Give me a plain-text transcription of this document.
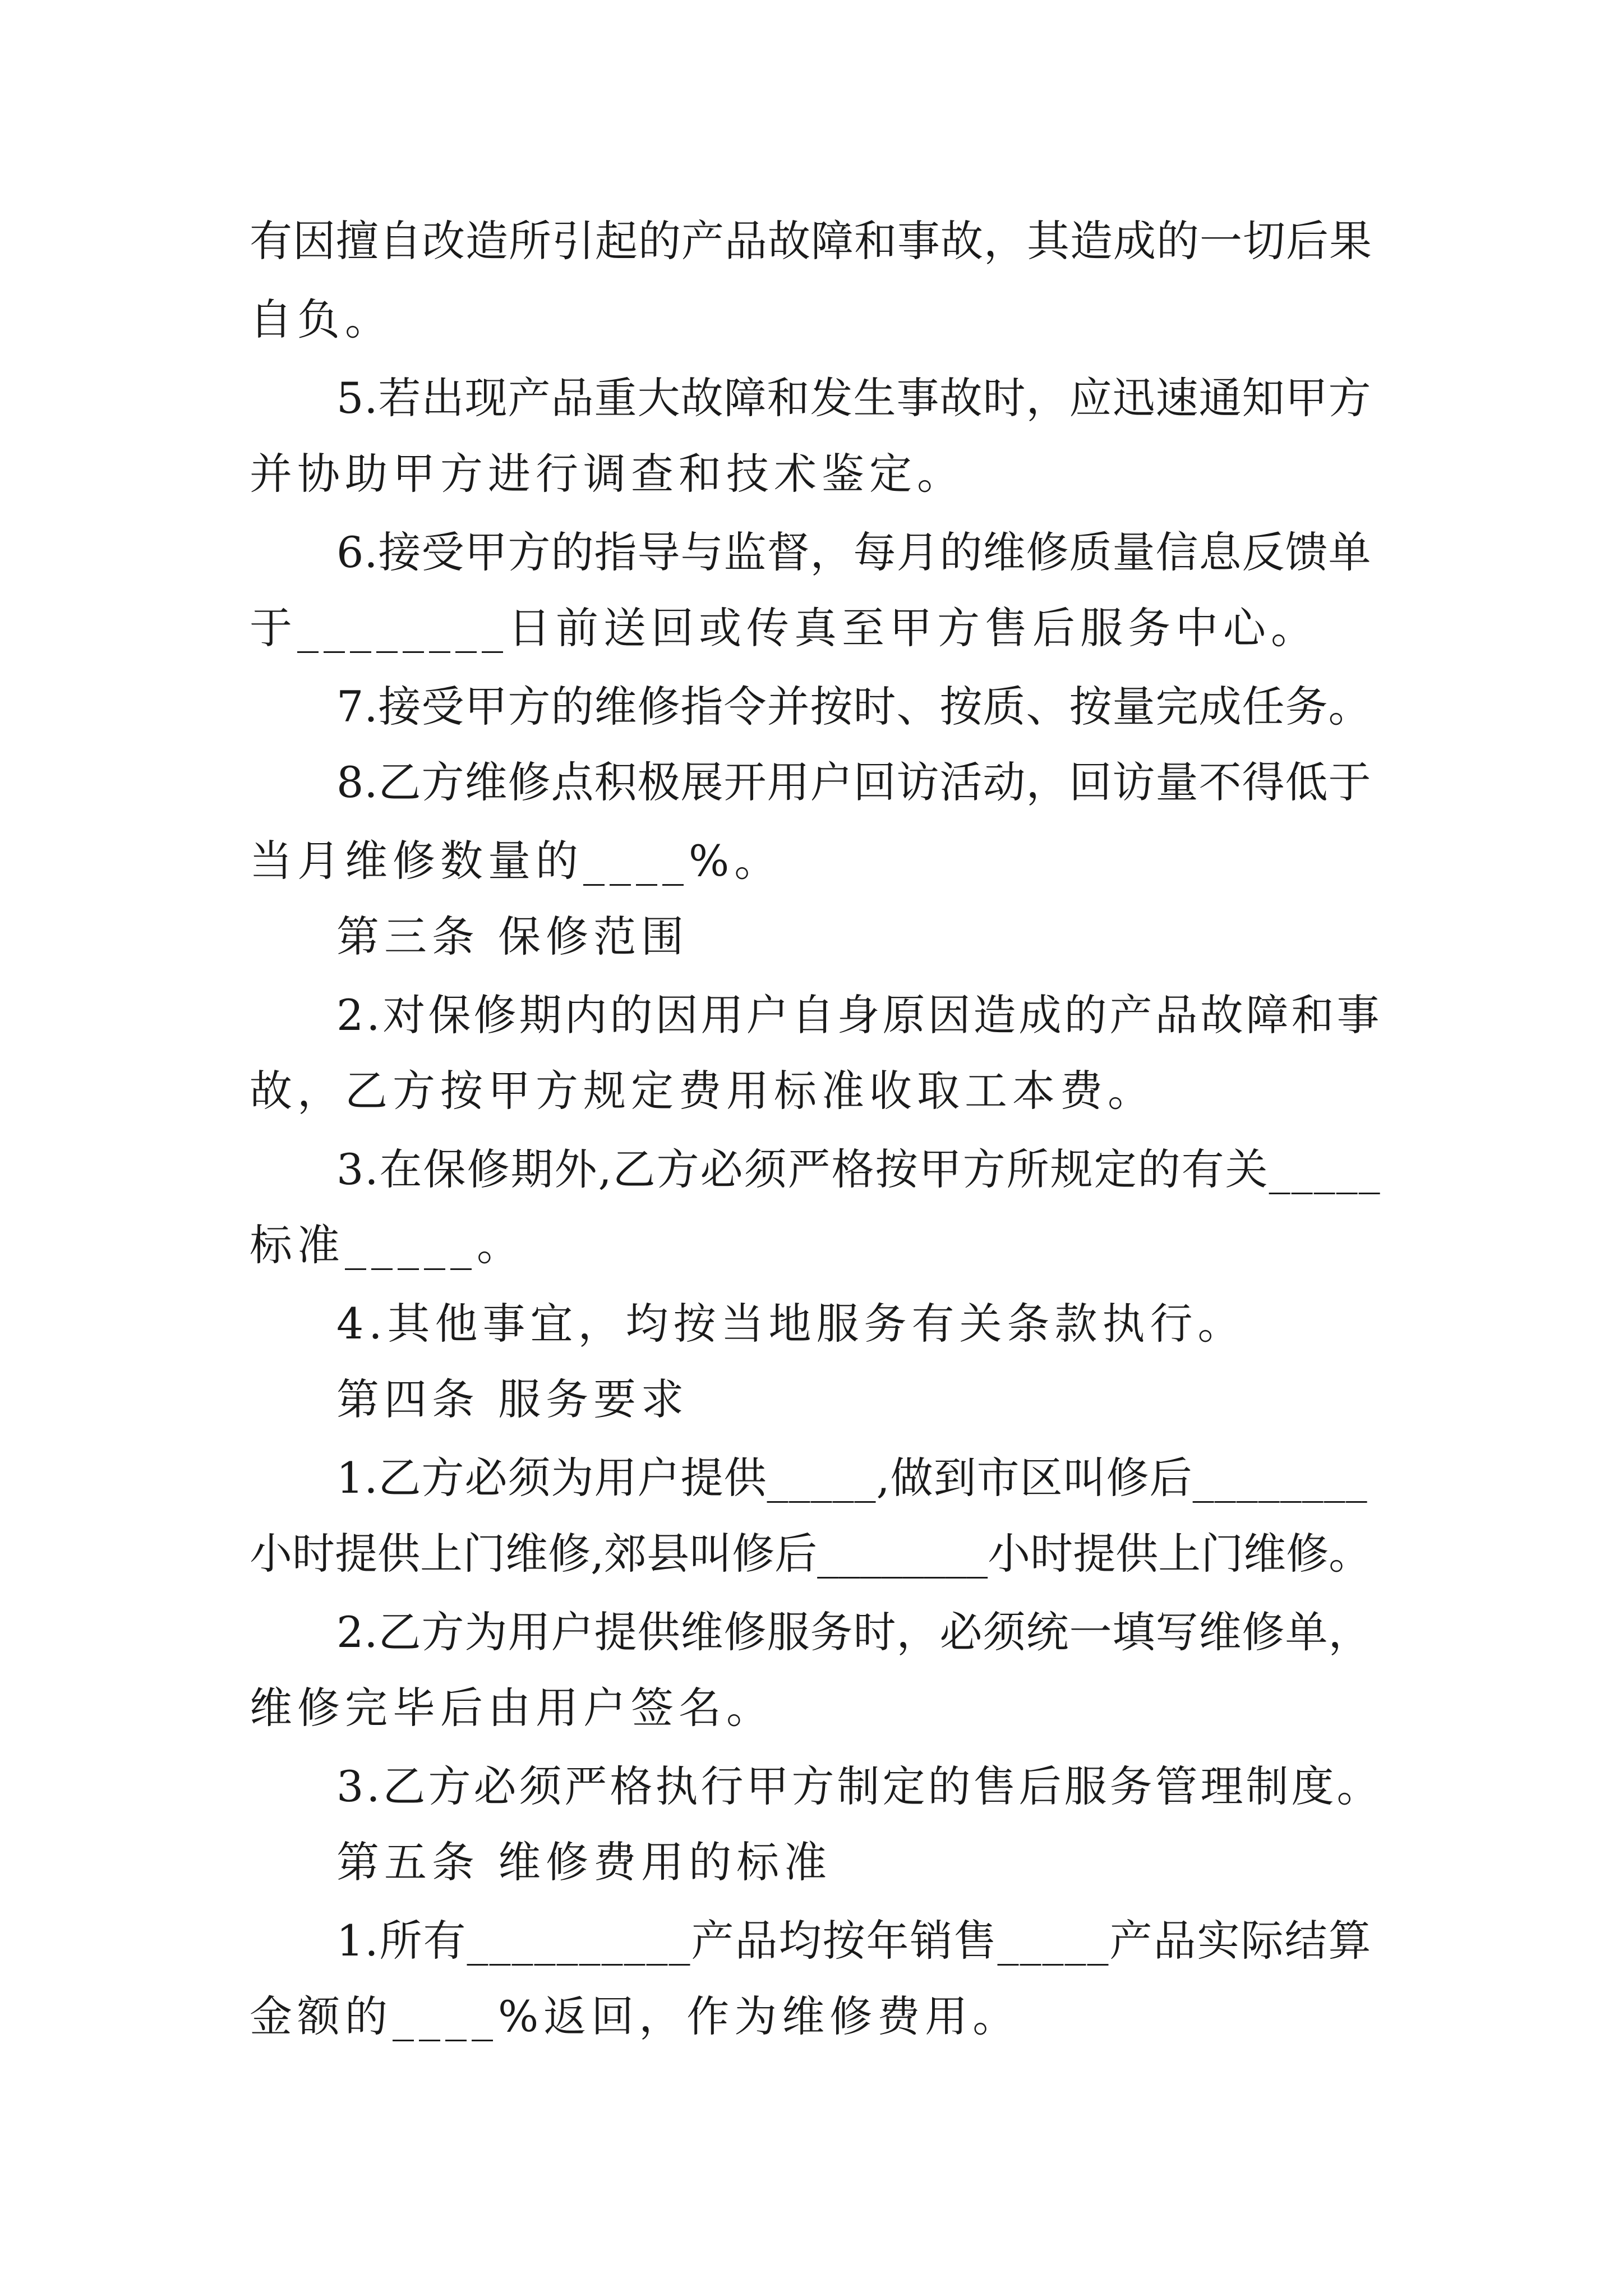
有因擅自改造所引起的产品故障和事故，其造成的一切后果
自负。
5.若出现产品重大故障和发生事故时，应迅速通知甲方
并协助甲方进行调查和技术鉴定。
6.接受甲方的指导与监督，每月的维修质量信息反馈单
于________日前送回或传真至甲方售后服务中心。
7.接受甲方的维修指令并按时、按质、按量完成任务。
8.乙方维修点积极展开用户回访活动，回访量不得低于
当月维修数量的____%。
第三条 保修范围
2.对保修期内的因用户自身原因造成的产品故障和事
故，乙方按甲方规定费用标准收取工本费。
3.在保修期外,乙方必须严格按甲方所规定的有关_____
标准_____。
4.其他事宜，均按当地服务有关条款执行。
第四条 服务要求
1.乙方必须为用户提供_____,做到市区叫修后________
小时提供上门维修,郊县叫修后________小时提供上门维修。
2.乙方为用户提供维修服务时，必须统一填写维修单，
维修完毕后由用户签名。
3.乙方必须严格执行甲方制定的售后服务管理制度。
第五条 维修费用的标准
1.所有__________产品均按年销售_____产品实际结算
金额的____%返回，作为维修费用。
